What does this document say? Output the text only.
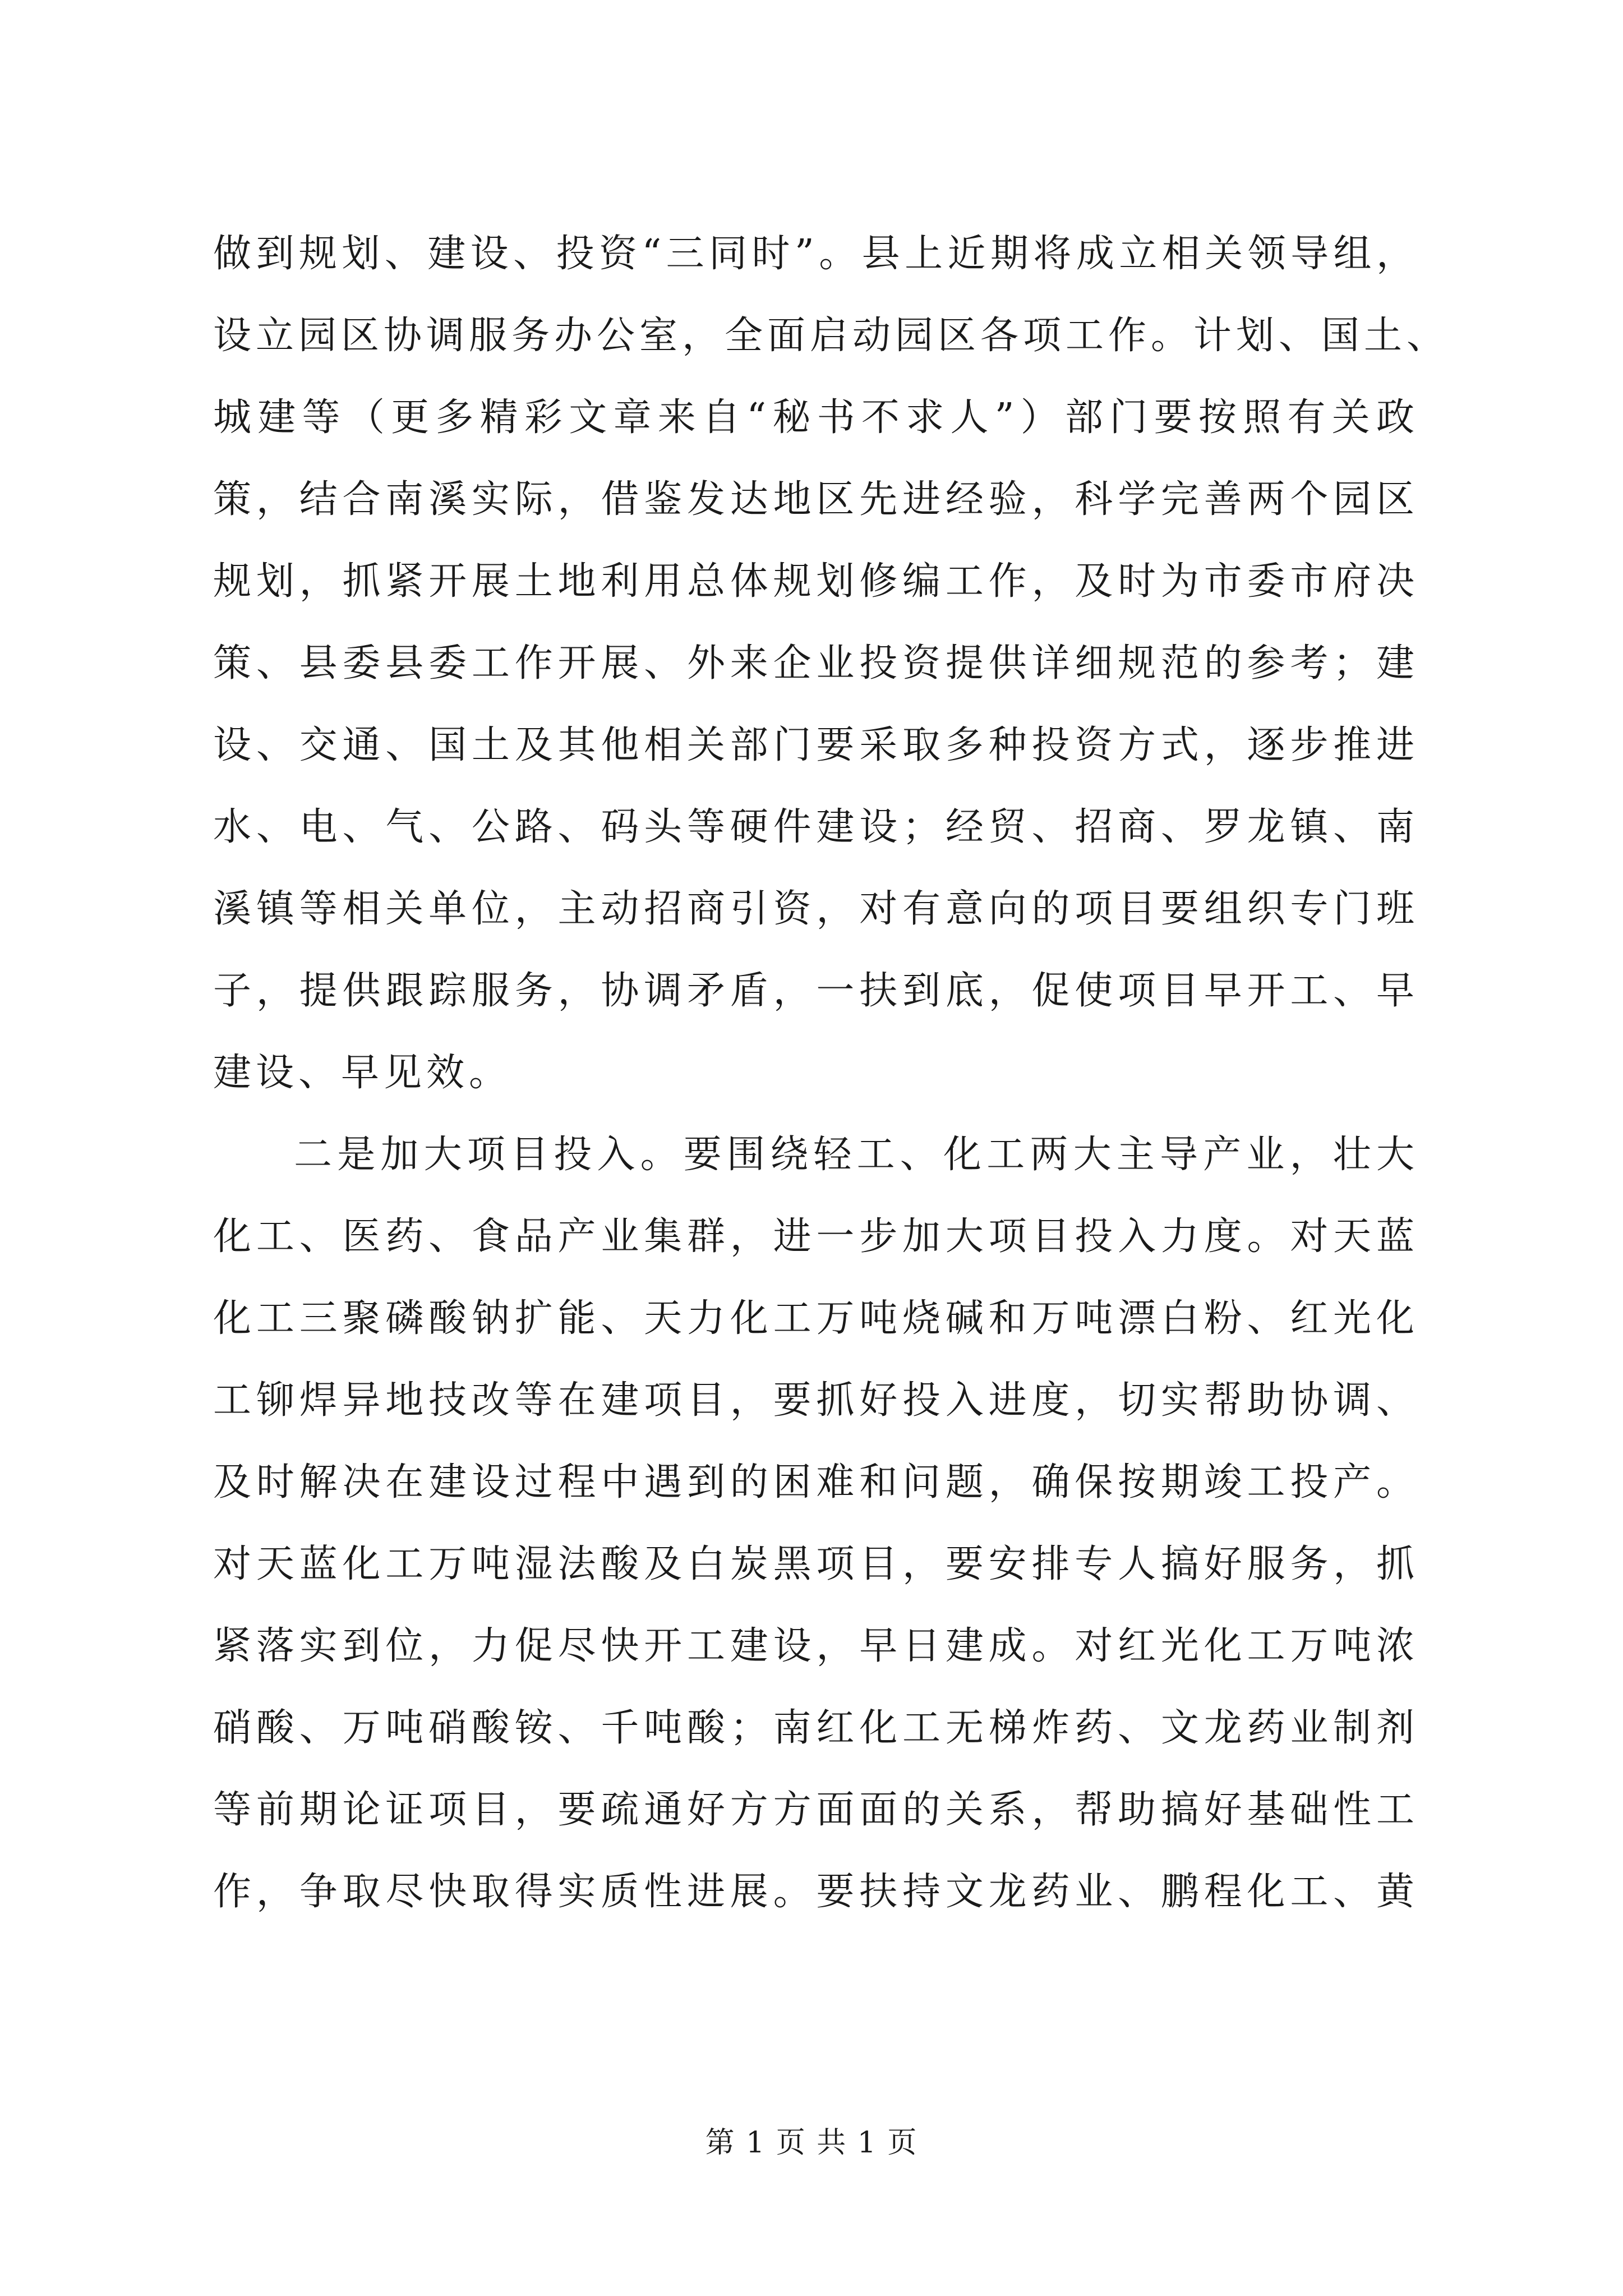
做到规划、建设、投资“三同时”。县上近期将成立相关领导组，
设立园区协调服务办公室，全面启动园区各项工作。计划、国土、
城建等（更多精彩文章来自“秘书不求人”）部门要按照有关政
策，结合南溪实际，借鉴发达地区先进经验，科学完善两个园区
规划，抓紧开展土地利用总体规划修编工作，及时为市委市府决
策、县委县委工作开展、外来企业投资提供详细规范的参考；建
设、交通、国土及其他相关部门要采取多种投资方式，逐步推进
水、电、气、公路、码头等硬件建设；经贸、招商、罗龙镇、南
溪镇等相关单位，主动招商引资，对有意向的项目要组织专门班
子，提供跟踪服务，协调矛盾，一扶到底，促使项目早开工、早
建设、早见效。
二是加大项目投入。要围绕轻工、化工两大主导产业，壮大
化工、医药、食品产业集群，进一步加大项目投入力度。对天蓝
化工三聚磷酸钠扩能、天力化工万吨烧碱和万吨漂白粉、红光化
工铆焊异地技改等在建项目，要抓好投入进度，切实帮助协调、
及时解决在建设过程中遇到的困难和问题，确保按期竣工投产。
对天蓝化工万吨湿法酸及白炭黑项目，要安排专人搞好服务，抓
紧落实到位，力促尽快开工建设，早日建成。对红光化工万吨浓
硝酸、万吨硝酸铵、千吨酸；南红化工无梯炸药、文龙药业制剂
等前期论证项目，要疏通好方方面面的关系，帮助搞好基础性工
作，争取尽快取得实质性进展。要扶持文龙药业、鹏程化工、黄
第 1 页 共 1 页
